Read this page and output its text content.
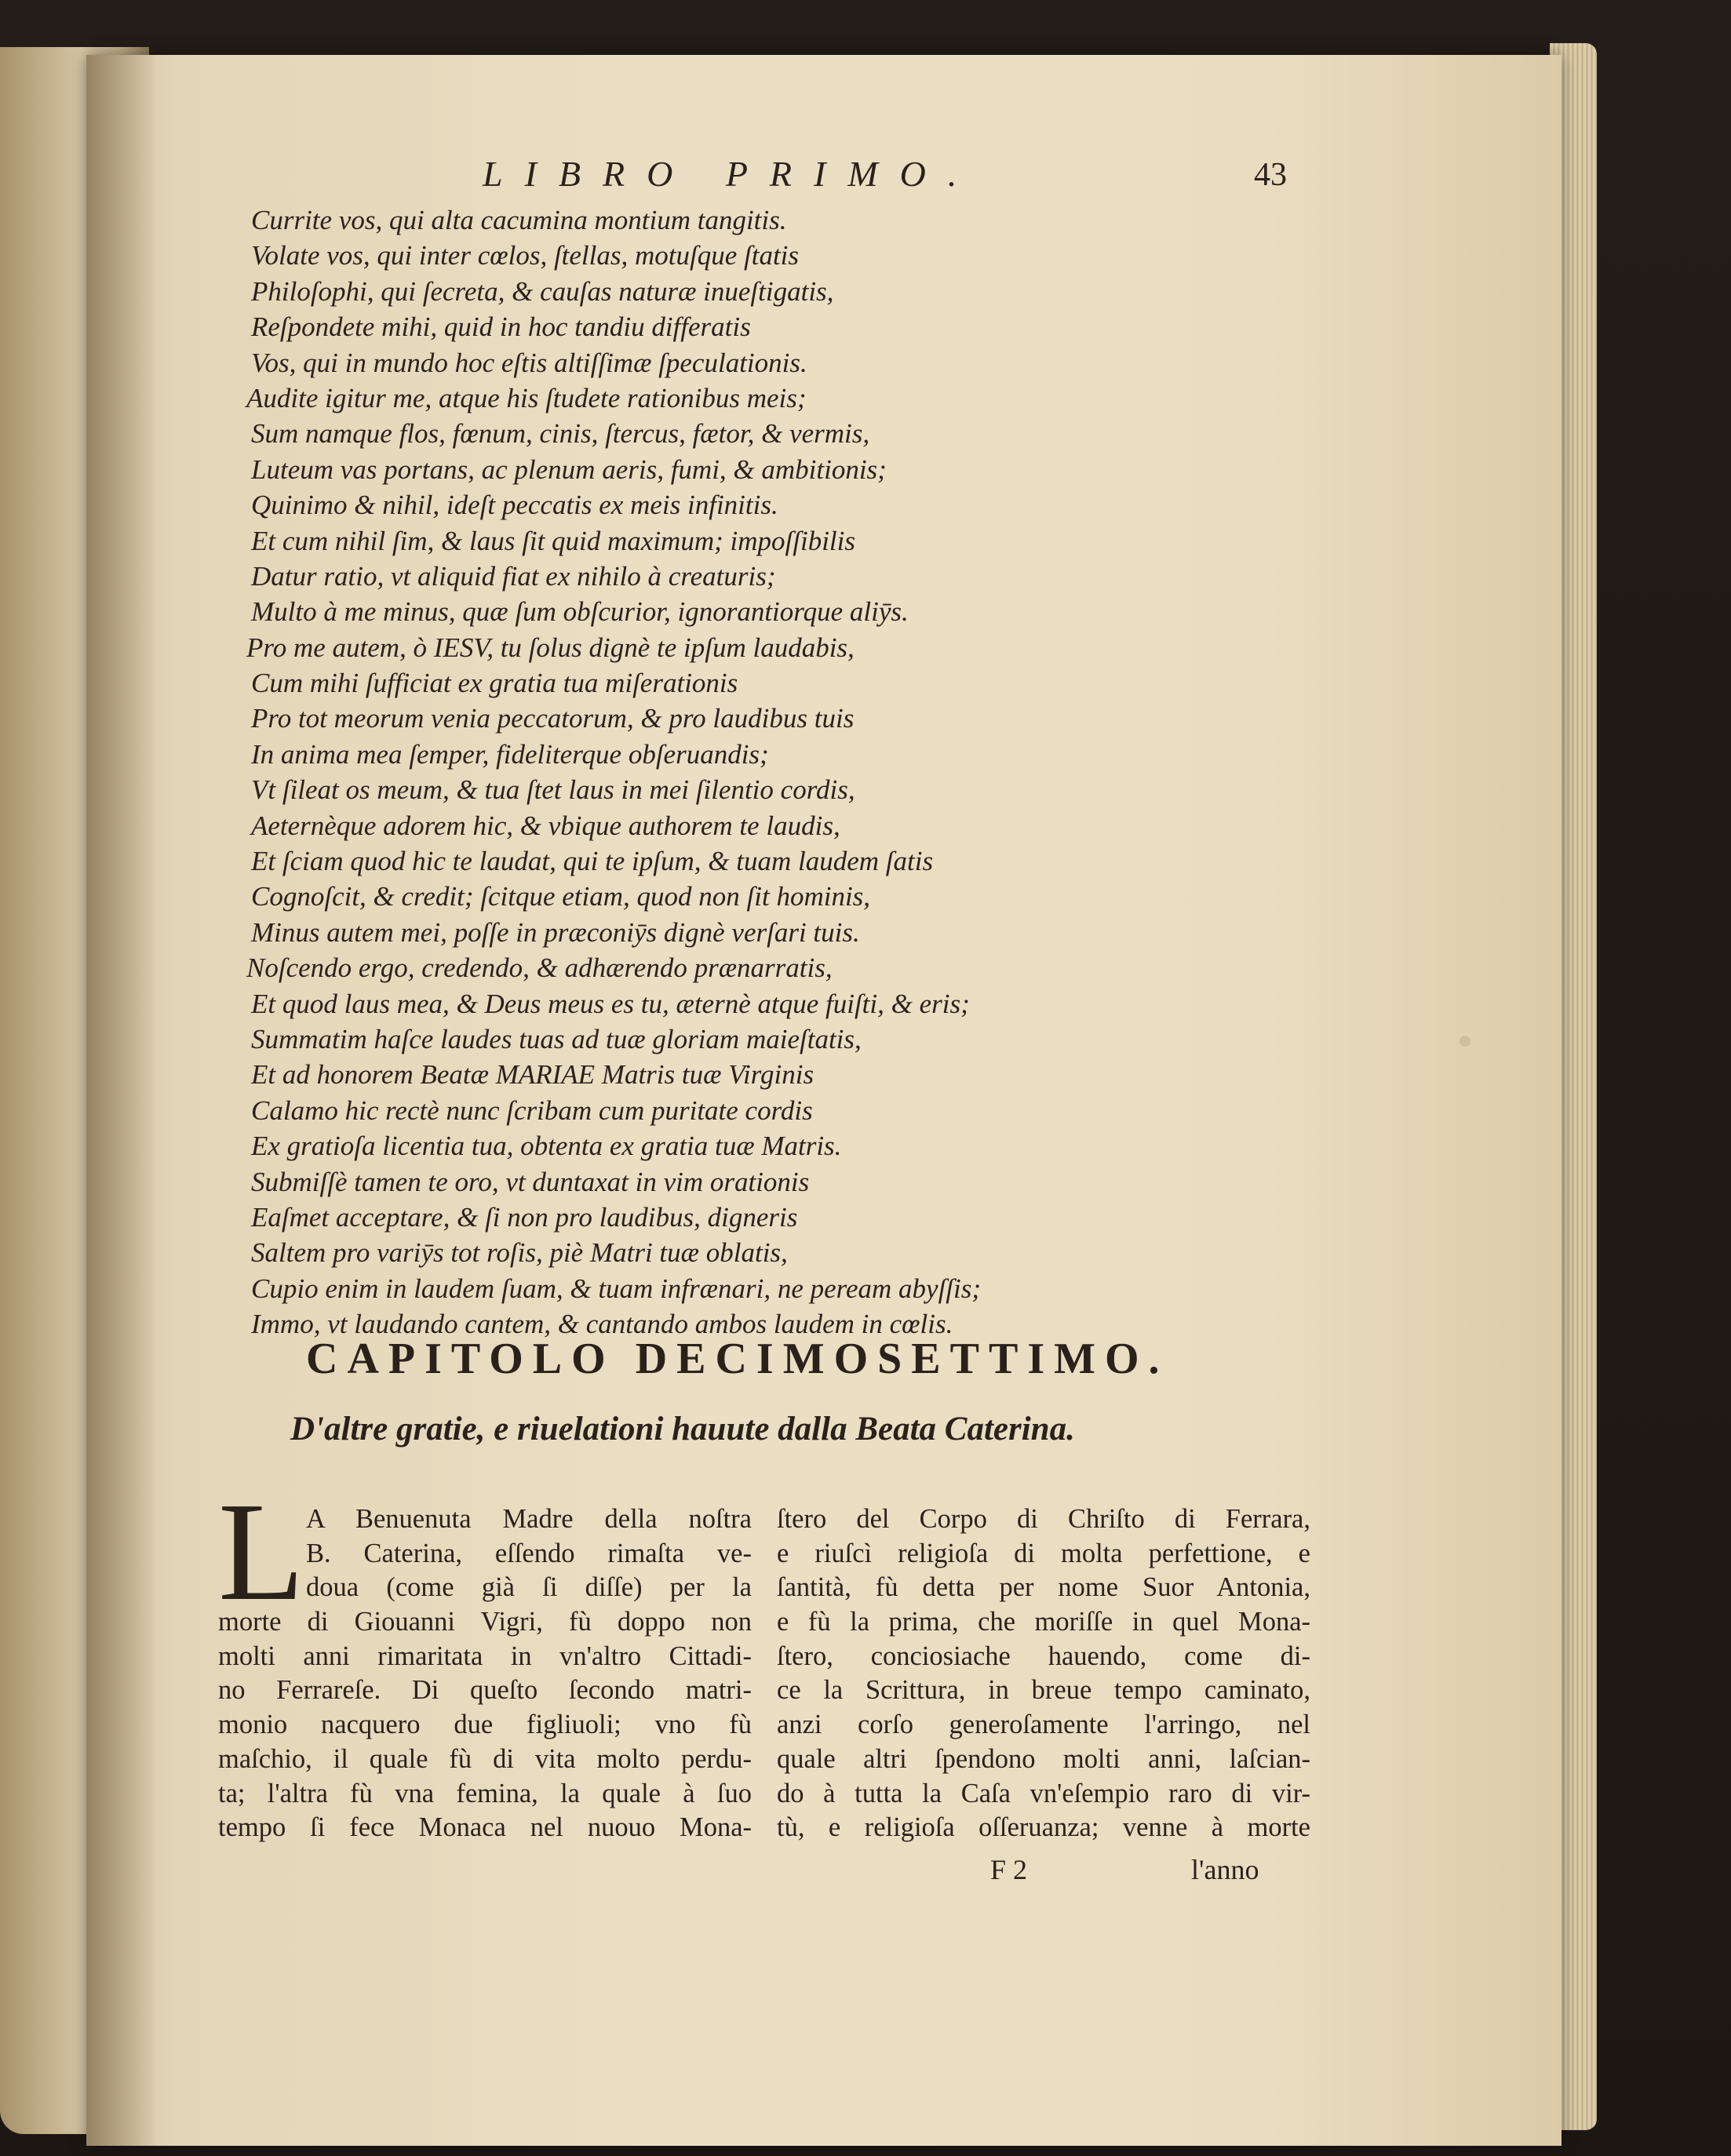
LIBRO PRIMO.	43
Currite vos, qui alta cacumina montium tangitis.
Volate vos, qui inter cœlos, ſtellas, motuſque ſtatis
Philoſophi, qui ſecreta, & cauſas naturæ inueſtigatis,
Reſpondete mihi, quid in hoc tandiu differatis
Vos, qui in mundo hoc eſtis altiſſimæ ſpeculationis.
Audite igitur me, atque his ſtudete rationibus meis;
Sum namque flos, fœnum, cinis, ſtercus, fætor, & vermis,
Luteum vas portans, ac plenum aeris, fumi, & ambitionis;
Quinimo & nihil, ideſt peccatis ex meis infinitis.
Et cum nihil ſim, & laus ſit quid maximum; impoſſibilis
Datur ratio, vt aliquid fiat ex nihilo à creaturis;
Multo à me minus, quæ ſum obſcurior, ignorantiorque aliȳs.
Pro me autem, ò IESV, tu ſolus dignè te ipſum laudabis,
Cum mihi ſufficiat ex gratia tua miſerationis
Pro tot meorum venia peccatorum, & pro laudibus tuis
In anima mea ſemper, fideliterque obſeruandis;
Vt ſileat os meum, & tua ſtet laus in mei ſilentio cordis,
Aeternèque adorem hic, & vbique authorem te laudis,
Et ſciam quod hic te laudat, qui te ipſum, & tuam laudem ſatis
Cognoſcit, & credit; ſcitque etiam, quod non ſit hominis,
Minus autem mei, poſſe in præconiȳs dignè verſari tuis.
Noſcendo ergo, credendo, & adhærendo prænarratis,
Et quod laus mea, & Deus meus es tu, æternè atque fuiſti, & eris;
Summatim haſce laudes tuas ad tuæ gloriam maieſtatis,
Et ad honorem Beatæ MARIAE Matris tuæ Virginis
Calamo hic rectè nunc ſcribam cum puritate cordis
Ex gratioſa licentia tua, obtenta ex gratia tuæ Matris.
Submiſſè tamen te oro, vt duntaxat in vim orationis
Eaſmet acceptare, & ſi non pro laudibus, digneris
Saltem pro variȳs tot roſis, piè Matri tuæ oblatis,
Cupio enim in laudem ſuam, & tuam infrænari, ne peream abyſſis;
Immo, vt laudando cantem, & cantando ambos laudem in cœlis.
CAPITOLO DECIMOSETTIMO.
D'altre gratie, e riuelationi hauute dalla Beata Caterina.
L A Benuenuta Madre della noſtra
B. Caterina, eſſendo rimaſta ve-
doua (come già ſi diſſe) per la
morte di Giouanni Vigri, fù doppo non
molti anni rimaritata in vn'altro Cittadi-
no Ferrareſe. Di queſto ſecondo matri-
monio nacquero due figliuoli; vno fù
maſchio, il quale fù di vita molto perdu-
ta; l'altra fù vna femina, la quale à ſuo
tempo ſi fece Monaca nel nuouo Mona-
ſtero del Corpo di Chriſto di Ferrara,
e riuſcì religioſa di molta perfettione, e
ſantità, fù detta per nome Suor Antonia,
e fù la prima, che moriſſe in quel Mona-
ſtero, conciosiache hauendo, come di-
ce la Scrittura, in breue tempo caminato,
anzi corſo generoſamente l'arringo, nel
quale altri ſpendono molti anni, laſcian-
do à tutta la Caſa vn'eſempio raro di vir-
tù, e religioſa oſſeruanza; venne à morte
F 2	l'anno
